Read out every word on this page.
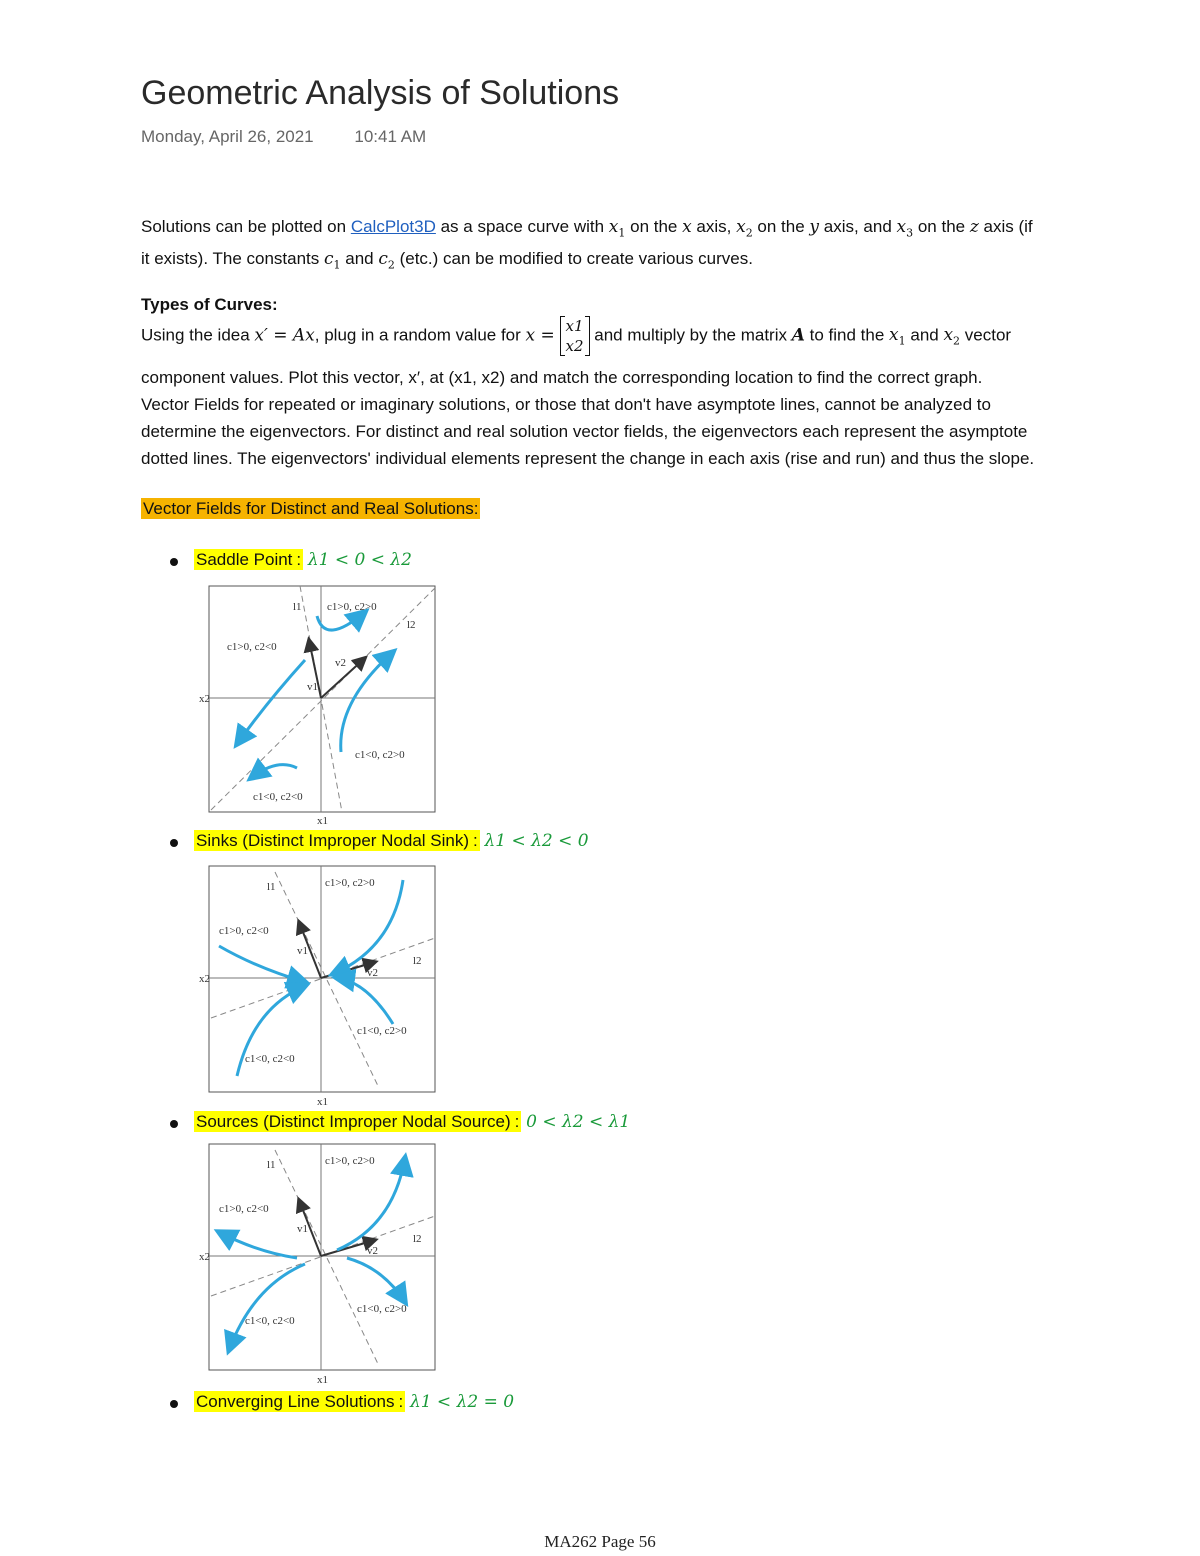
Geometric Analysis of Solutions
Monday, April 26, 2021 10:41 AM

Solutions can be plotted on CalcPlot3D as a space curve with $x_1$ on the x axis, $x_2$ on the y axis, and $x_3$ on the z axis (if
it exists). The constants $c_1$ and $c_2$ (etc.) can be modified to create various curves.

Types of Curves:

Using the idea x′ = Ax, plug in a random value for x = x1
x2 and multiply by the matrix A to find the $x_1$ and $x_2$ vector

component values. Plot this vector, x′, at (x1, x2) and match the corresponding location to find the correct graph.
Vector Fields for repeated or imaginary solutions, or those that don't have asymptote lines, cannot be analyzed to
determine the eigenvectors. For distinct and real solution vector fields, the eigenvectors each represent the asymptote
dotted lines. The eigenvectors' individual elements represent the change in each axis (rise and run) and thus the slope.

Vector Fields for Distinct and Real Solutions:

Saddle Point : λ1 < 0 < λ2
Sinks (Distinct Improper Nodal Sink) : λ1 < λ2 < 0
Sources (Distinct Improper Nodal Source) : 0 < λ2 < λ1
Converging Line Solutions : λ1 < λ2 = 0
l1
l2
c1>0, c2>0
c1>0, c2<0
c1<0, c2>0
c1<0, c2<0
v1
v2
x2
x1
l1
l2
c1>0, c2>0
c1>0, c2<0
c1<0, c2>0
c1<0, c2<0
v1
v2
x2
x1
l1
l2
c1>0, c2>0
c1>0, c2<0
c1<0, c2>0
c1<0, c2<0
v1
v2
x2
x1
MA262 Page 56
